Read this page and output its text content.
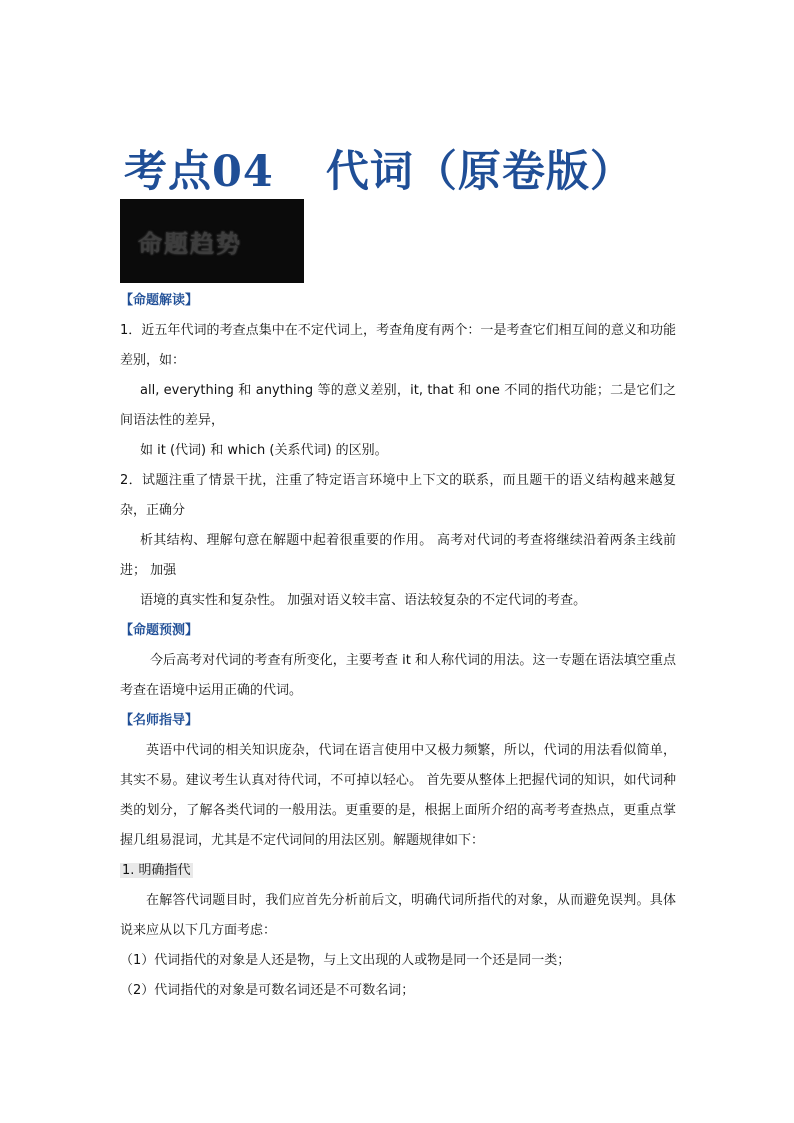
考点04 代词（原卷版）
命题趋势

【命题解读】

1．近五年代词的考查点集中在不定代词上，考查角度有两个：一是考查它们相互间的意义和功能差别，如：

all, everything 和 anything 等的意义差别，it, that 和 one 不同的指代功能；二是它们之间语法性的差异，

如 it (代词) 和 which (关系代词) 的区别。

2．试题注重了情景干扰，注重了特定语言环境中上下文的联系，而且题干的语义结构越来越复杂，正确分

析其结构、理解句意在解题中起着很重要的作用。 高考对代词的考查将继续沿着两条主线前进； 加强

语境的真实性和复杂性。 加强对语义较丰富、语法较复杂的不定代词的考查。

【命题预测】

今后高考对代词的考查有所变化，主要考查 it 和人称代词的用法。这一专题在语法填空重点考查在语境中运用正确的代词。

【名师指导】

英语中代词的相关知识庞杂，代词在语言使用中又极力频繁，所以，代词的用法看似简单，其实不易。建议考生认真对待代词，不可掉以轻心。 首先要从整体上把握代词的知识，如代词种类的划分，了解各类代词的一般用法。更重要的是，根据上面所介绍的高考考查热点，更重点掌握几组易混词，尤其是不定代词间的用法区别。解题规律如下：

1. 明确指代

在解答代词题目时，我们应首先分析前后文，明确代词所指代的对象，从而避免误判。具体说来应从以下几方面考虑：

（1）代词指代的对象是人还是物，与上文出现的人或物是同一个还是同一类；

（2）代词指代的对象是可数名词还是不可数名词；
